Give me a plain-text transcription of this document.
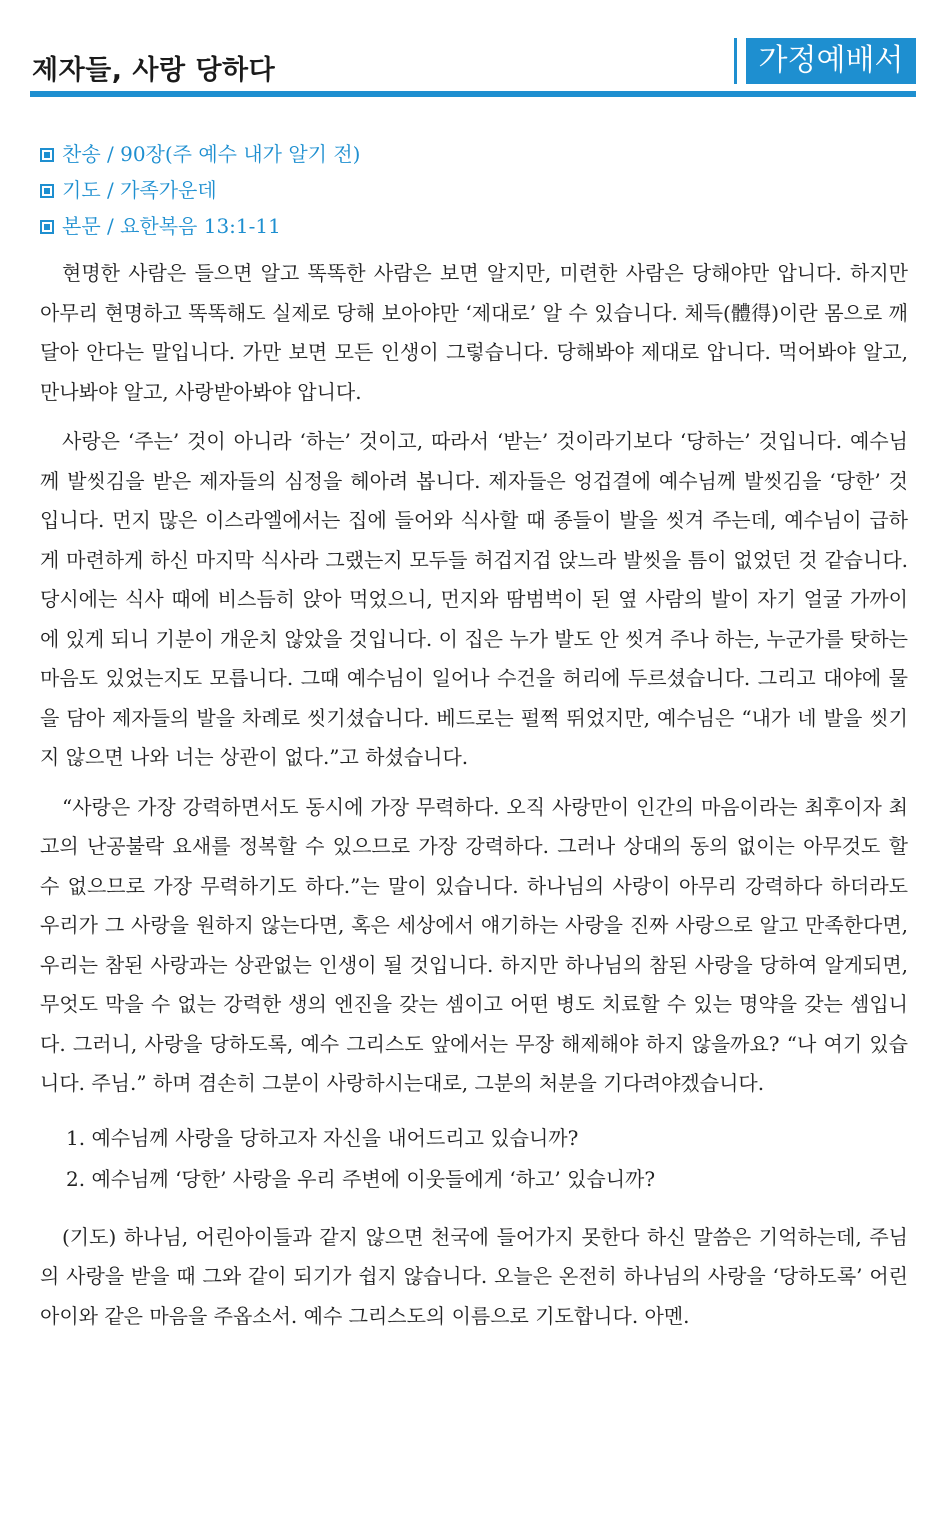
제자들, 사랑 당하다	가정예배서
찬송 / 90장(주 예수 내가 알기 전)
기도 / 가족가운데
본문 / 요한복음 13:1-11

현명한 사람은 들으면 알고 똑똑한 사람은 보면 알지만, 미련한 사람은 당해야만 압니다. 하지만 아무리 현명하고 똑똑해도 실제로 당해 보아야만 ‘제대로’ 알 수 있습니다. 체득(體得)이란 몸으로 깨달아 안다는 말입니다. 가만 보면 모든 인생이 그렇습니다. 당해봐야 제대로 압니다. 먹어봐야 알고, 만나봐야 알고, 사랑받아봐야 압니다.

사랑은 ‘주는’ 것이 아니라 ‘하는’ 것이고, 따라서 ‘받는’ 것이라기보다 ‘당하는’ 것입니다. 예수님께 발씻김을 받은 제자들의 심정을 헤아려 봅니다. 제자들은 엉겁결에 예수님께 발씻김을 ‘당한’ 것입니다. 먼지 많은 이스라엘에서는 집에 들어와 식사할 때 종들이 발을 씻겨 주는데, 예수님이 급하게 마련하게 하신 마지막 식사라 그랬는지 모두들 허겁지겁 앉느라 발씻을 틈이 없었던 것 같습니다. 당시에는 식사 때에 비스듬히 앉아 먹었으니, 먼지와 땀범벅이 된 옆 사람의 발이 자기 얼굴 가까이에 있게 되니 기분이 개운치 않았을 것입니다. 이 집은 누가 발도 안 씻겨 주나 하는, 누군가를 탓하는 마음도 있었는지도 모릅니다. 그때 예수님이 일어나 수건을 허리에 두르셨습니다. 그리고 대야에 물을 담아 제자들의 발을 차례로 씻기셨습니다. 베드로는 펄쩍 뛰었지만, 예수님은 “내가 네 발을 씻기지 않으면 나와 너는 상관이 없다.”고 하셨습니다.

“사랑은 가장 강력하면서도 동시에 가장 무력하다. 오직 사랑만이 인간의 마음이라는 최후이자 최고의 난공불락 요새를 정복할 수 있으므로 가장 강력하다. 그러나 상대의 동의 없이는 아무것도 할 수 없으므로 가장 무력하기도 하다.”는 말이 있습니다. 하나님의 사랑이 아무리 강력하다 하더라도 우리가 그 사랑을 원하지 않는다면, 혹은 세상에서 얘기하는 사랑을 진짜 사랑으로 알고 만족한다면, 우리는 참된 사랑과는 상관없는 인생이 될 것입니다. 하지만 하나님의 참된 사랑을 당하여 알게되면, 무엇도 막을 수 없는 강력한 생의 엔진을 갖는 셈이고 어떤 병도 치료할 수 있는 명약을 갖는 셈입니다. 그러니, 사랑을 당하도록, 예수 그리스도 앞에서는 무장 해제해야 하지 않을까요? “나 여기 있습니다. 주님.” 하며 겸손히 그분이 사랑하시는대로, 그분의 처분을 기다려야겠습니다.

1. 예수님께 사랑을 당하고자 자신을 내어드리고 있습니까?
2. 예수님께 ‘당한’ 사랑을 우리 주변에 이웃들에게 ‘하고’ 있습니까?

(기도) 하나님, 어린아이들과 같지 않으면 천국에 들어가지 못한다 하신 말씀은 기억하는데, 주님의 사랑을 받을 때 그와 같이 되기가 쉽지 않습니다. 오늘은 온전히 하나님의 사랑을 ‘당하도록’ 어린아이와 같은 마음을 주옵소서. 예수 그리스도의 이름으로 기도합니다. 아멘.
